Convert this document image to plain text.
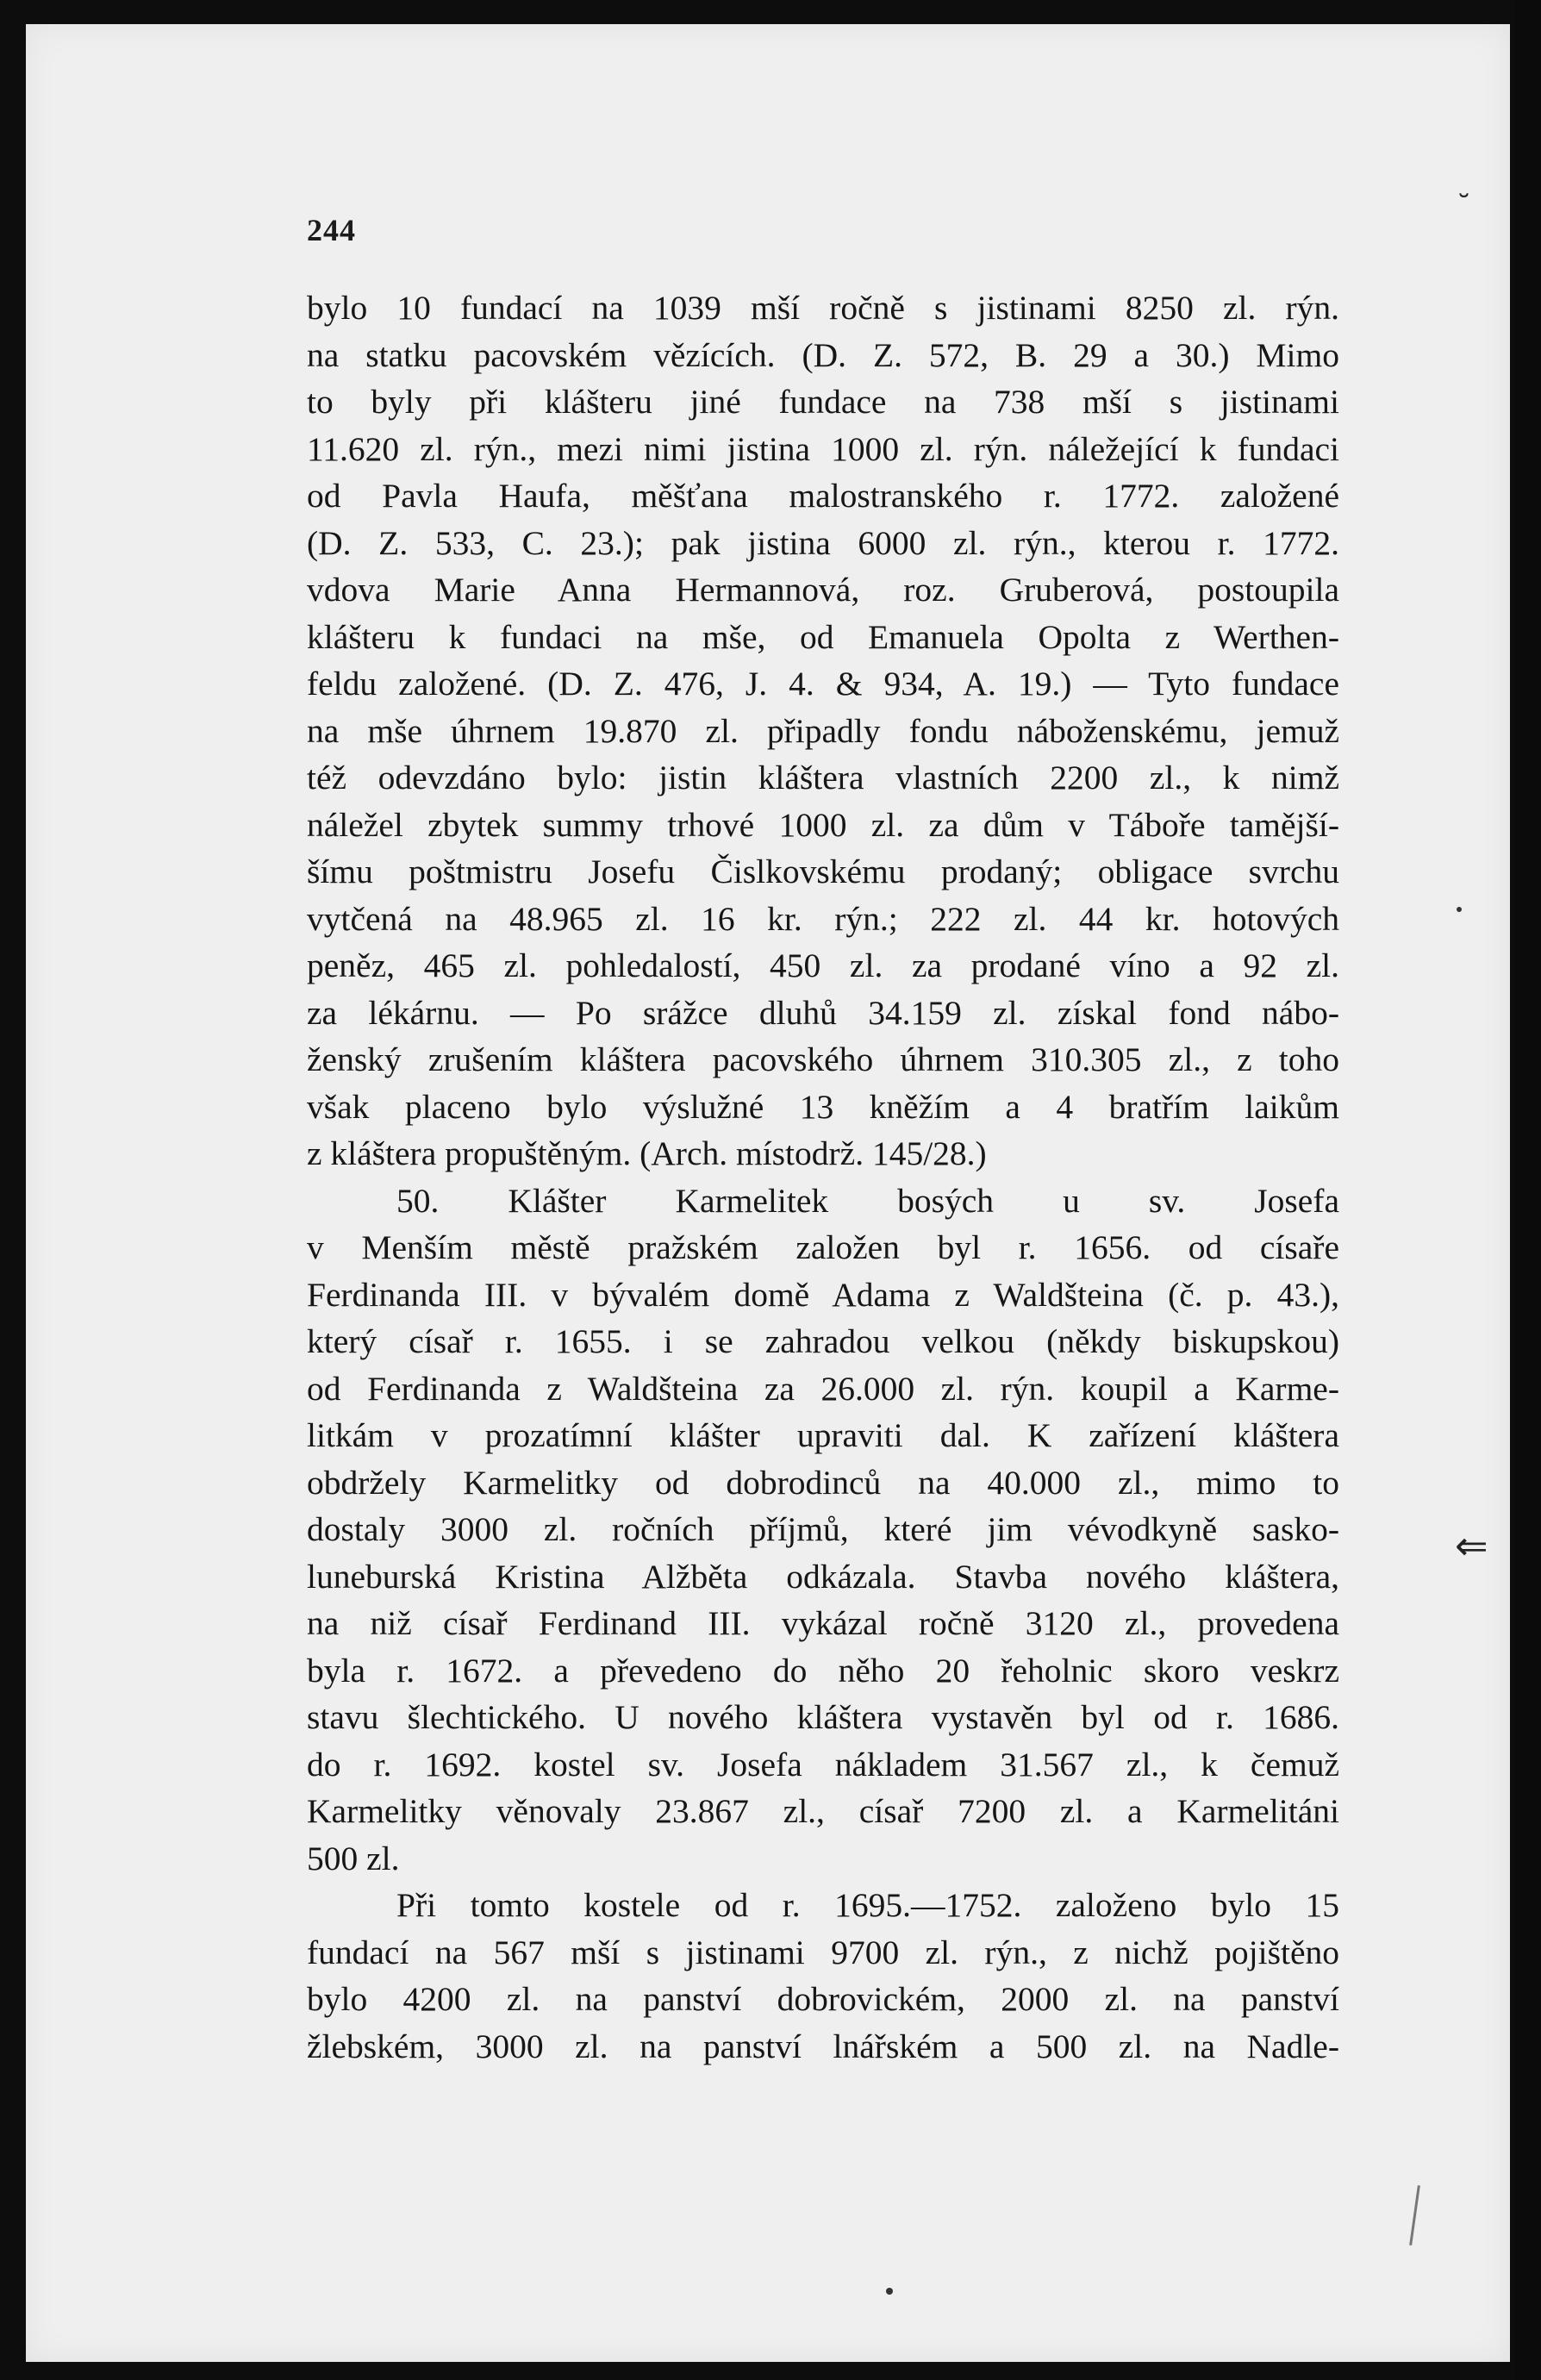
244
bylo 10 fundací na 1039 mší ročně s jistinami 8250 zl. rýn.
na statku pacovském vězících. (D. Z. 572, B. 29 a 30.) Mimo
to byly při klášteru jiné fundace na 738 mší s jistinami
11.620 zl. rýn., mezi nimi jistina 1000 zl. rýn. náležející k fundaci
od Pavla Haufa, měšťana malostranského r. 1772. založené
(D. Z. 533, C. 23.); pak jistina 6000 zl. rýn., kterou r. 1772.
vdova Marie Anna Hermannová, roz. Gruberová, postoupila
klášteru k fundaci na mše, od Emanuela Opolta z Werthen-
feldu založené. (D. Z. 476, J. 4. & 934, A. 19.) — Tyto fundace
na mše úhrnem 19.870 zl. připadly fondu náboženskému, jemuž
též odevzdáno bylo: jistin kláštera vlastních 2200 zl., k nimž
náležel zbytek summy trhové 1000 zl. za dům v Táboře tamější-
šímu poštmistru Josefu Čislkovskému prodaný; obligace svrchu
vytčená na 48.965 zl. 16 kr. rýn.; 222 zl. 44 kr. hotových
peněz, 465 zl. pohledalostí, 450 zl. za prodané víno a 92 zl.
za lékárnu. — Po srážce dluhů 34.159 zl. získal fond nábo-
ženský zrušením kláštera pacovského úhrnem 310.305 zl., z toho
však placeno bylo výslužné 13 kněžím a 4 bratřím laikům
z kláštera propuštěným. (Arch. místodrž. 145/28.)
50. Klášter Karmelitek bosých u sv. Josefa
v Menším městě pražském založen byl r. 1656. od císaře
Ferdinanda III. v bývalém domě Adama z Waldšteina (č. p. 43.),
který císař r. 1655. i se zahradou velkou (někdy biskupskou)
od Ferdinanda z Waldšteina za 26.000 zl. rýn. koupil a Karme-
litkám v prozatímní klášter upraviti dal. K zařízení kláštera
obdržely Karmelitky od dobrodinců na 40.000 zl., mimo to
dostaly 3000 zl. ročních příjmů, které jim vévodkyně sasko-
luneburská Kristina Alžběta odkázala. Stavba nového kláštera,
na niž císař Ferdinand III. vykázal ročně 3120 zl., provedena
byla r. 1672. a převedeno do něho 20 řeholnic skoro veskrz
stavu šlechtického. U nového kláštera vystavěn byl od r. 1686.
do r. 1692. kostel sv. Josefa nákladem 31.567 zl., k čemuž
Karmelitky věnovaly 23.867 zl., císař 7200 zl. a Karmelitáni
500 zl.
Při tomto kostele od r. 1695.—1752. založeno bylo 15
fundací na 567 mší s jistinami 9700 zl. rýn., z nichž pojištěno
bylo 4200 zl. na panství dobrovickém, 2000 zl. na panství
žlebském, 3000 zl. na panství lnářském a 500 zl. na Nadle-
˘
⇐
